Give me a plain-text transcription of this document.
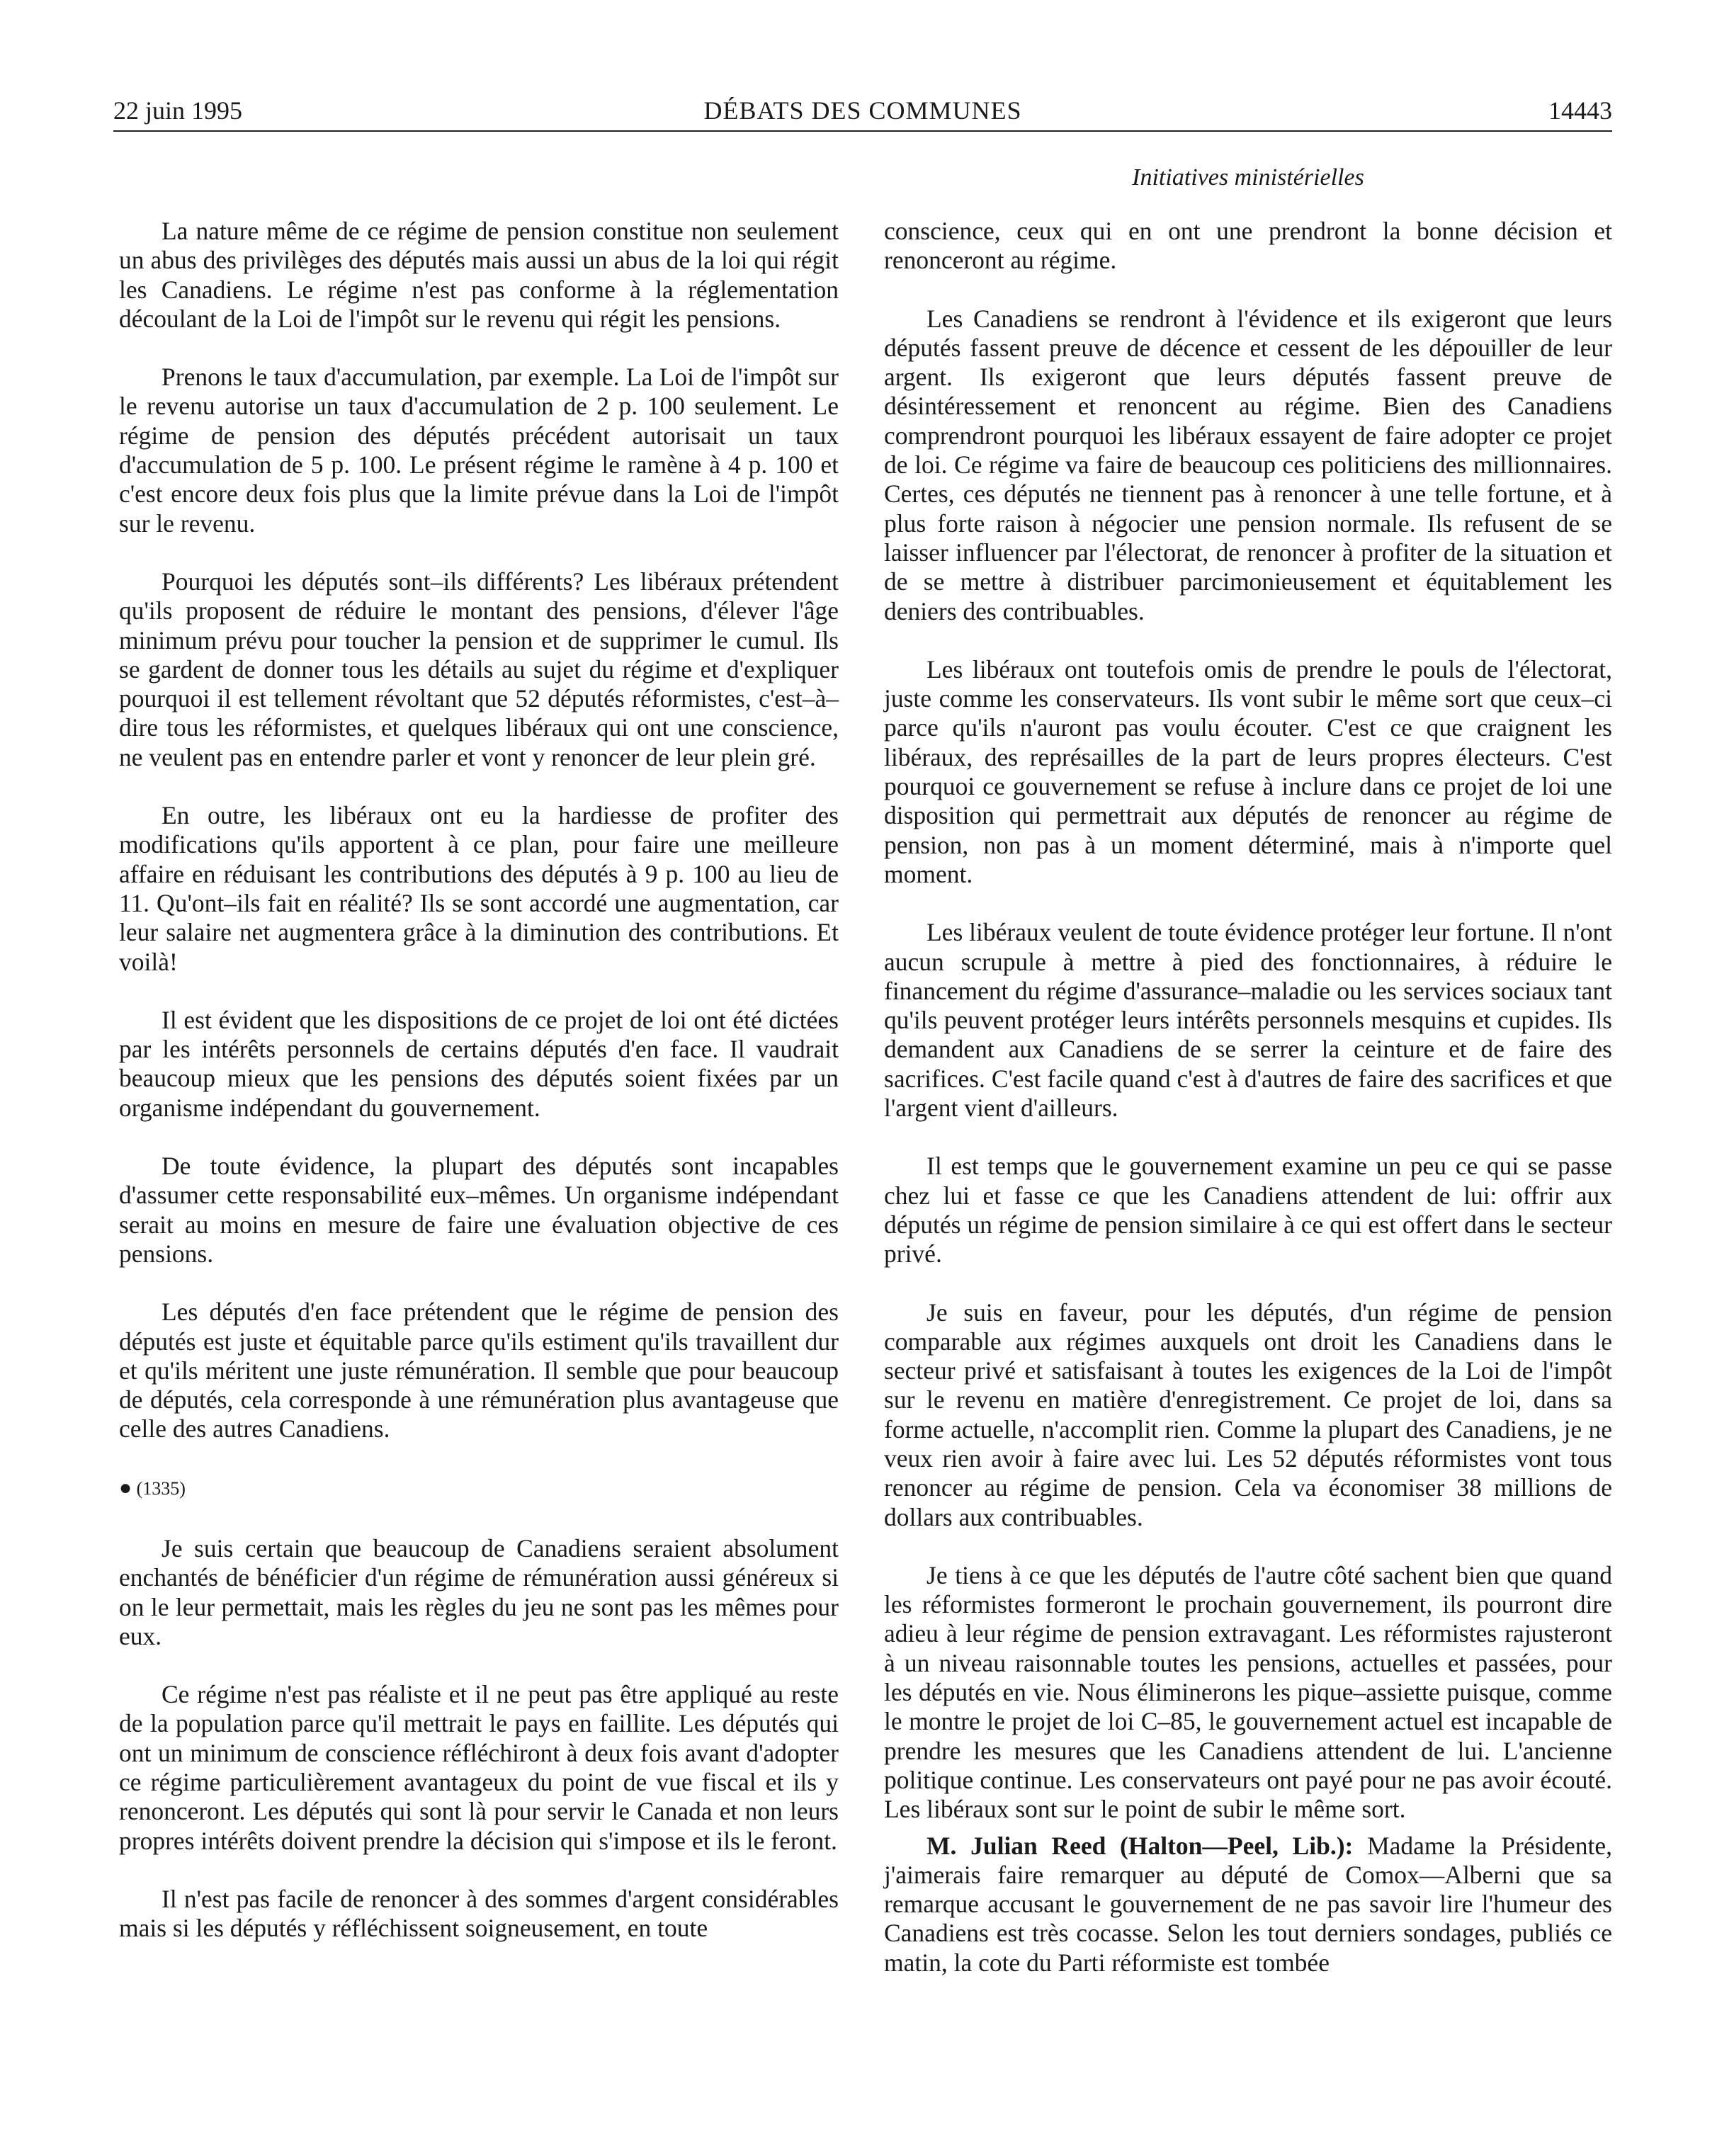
22 juin 1995	DÉBATS DES COMMUNES	14443
Initiatives ministérielles

La nature même de ce régime de pension constitue non seulement un abus des privilèges des députés mais aussi un abus de la loi qui régit les Canadiens. Le régime n'est pas conforme à la réglementation découlant de la Loi de l'impôt sur le revenu qui régit les pensions.

Prenons le taux d'accumulation, par exemple. La Loi de l'impôt sur le revenu autorise un taux d'accumulation de 2 p. 100 seulement. Le régime de pension des députés précédent autorisait un taux d'accumulation de 5 p. 100. Le présent régime le ramène à 4 p. 100 et c'est encore deux fois plus que la limite prévue dans la Loi de l'impôt sur le revenu.

Pourquoi les députés sont–ils différents? Les libéraux prétendent qu'ils proposent de réduire le montant des pensions, d'élever l'âge minimum prévu pour toucher la pension et de supprimer le cumul. Ils se gardent de donner tous les détails au sujet du régime et d'expliquer pourquoi il est tellement révoltant que 52 députés réformistes, c'est–à–dire tous les réformistes, et quelques libéraux qui ont une conscience, ne veulent pas en entendre parler et vont y renoncer de leur plein gré.

En outre, les libéraux ont eu la hardiesse de profiter des modifications qu'ils apportent à ce plan, pour faire une meilleure affaire en réduisant les contributions des députés à 9 p. 100 au lieu de 11. Qu'ont–ils fait en réalité? Ils se sont accordé une augmentation, car leur salaire net augmentera grâce à la diminution des contributions. Et voilà!

Il est évident que les dispositions de ce projet de loi ont été dictées par les intérêts personnels de certains députés d'en face. Il vaudrait beaucoup mieux que les pensions des députés soient fixées par un organisme indépendant du gouvernement.

De toute évidence, la plupart des députés sont incapables d'assumer cette responsabilité eux–mêmes. Un organisme indépendant serait au moins en mesure de faire une évaluation objective de ces pensions.

Les députés d'en face prétendent que le régime de pension des députés est juste et équitable parce qu'ils estiment qu'ils travaillent dur et qu'ils méritent une juste rémunération. Il semble que pour beaucoup de députés, cela corresponde à une rémunération plus avantageuse que celle des autres Canadiens.

● (1335)

Je suis certain que beaucoup de Canadiens seraient absolument enchantés de bénéficier d'un régime de rémunération aussi généreux si on le leur permettait, mais les règles du jeu ne sont pas les mêmes pour eux.

Ce régime n'est pas réaliste et il ne peut pas être appliqué au reste de la population parce qu'il mettrait le pays en faillite. Les députés qui ont un minimum de conscience réfléchiront à deux fois avant d'adopter ce régime particulièrement avantageux du point de vue fiscal et ils y renonceront. Les députés qui sont là pour servir le Canada et non leurs propres intérêts doivent prendre la décision qui s'impose et ils le feront.

Il n'est pas facile de renoncer à des sommes d'argent considérables mais si les députés y réfléchissent soigneusement, en toute

conscience, ceux qui en ont une prendront la bonne décision et renonceront au régime.

Les Canadiens se rendront à l'évidence et ils exigeront que leurs députés fassent preuve de décence et cessent de les dépouiller de leur argent. Ils exigeront que leurs députés fassent preuve de désintéressement et renoncent au régime. Bien des Canadiens comprendront pourquoi les libéraux essayent de faire adopter ce projet de loi. Ce régime va faire de beaucoup ces politiciens des millionnaires. Certes, ces députés ne tiennent pas à renoncer à une telle fortune, et à plus forte raison à négocier une pension normale. Ils refusent de se laisser influencer par l'électorat, de renoncer à profiter de la situation et de se mettre à distribuer parcimonieusement et équitablement les deniers des contribuables.

Les libéraux ont toutefois omis de prendre le pouls de l'électorat, juste comme les conservateurs. Ils vont subir le même sort que ceux–ci parce qu'ils n'auront pas voulu écouter. C'est ce que craignent les libéraux, des représailles de la part de leurs propres électeurs. C'est pourquoi ce gouvernement se refuse à inclure dans ce projet de loi une disposition qui permettrait aux députés de renoncer au régime de pension, non pas à un moment déterminé, mais à n'importe quel moment.

Les libéraux veulent de toute évidence protéger leur fortune. Il n'ont aucun scrupule à mettre à pied des fonctionnaires, à réduire le financement du régime d'assurance–maladie ou les services sociaux tant qu'ils peuvent protéger leurs intérêts personnels mesquins et cupides. Ils demandent aux Canadiens de se serrer la ceinture et de faire des sacrifices. C'est facile quand c'est à d'autres de faire des sacrifices et que l'argent vient d'ailleurs.

Il est temps que le gouvernement examine un peu ce qui se passe chez lui et fasse ce que les Canadiens attendent de lui: offrir aux députés un régime de pension similaire à ce qui est offert dans le secteur privé.

Je suis en faveur, pour les députés, d'un régime de pension comparable aux régimes auxquels ont droit les Canadiens dans le secteur privé et satisfaisant à toutes les exigences de la Loi de l'impôt sur le revenu en matière d'enregistrement. Ce projet de loi, dans sa forme actuelle, n'accomplit rien. Comme la plupart des Canadiens, je ne veux rien avoir à faire avec lui. Les 52 députés réformistes vont tous renoncer au régime de pension. Cela va économiser 38 millions de dollars aux contribuables.

Je tiens à ce que les députés de l'autre côté sachent bien que quand les réformistes formeront le prochain gouvernement, ils pourront dire adieu à leur régime de pension extravagant. Les réformistes rajusteront à un niveau raisonnable toutes les pensions, actuelles et passées, pour les députés en vie. Nous éliminerons les pique–assiette puisque, comme le montre le projet de loi C–85, le gouvernement actuel est incapable de prendre les mesures que les Canadiens attendent de lui. L'ancienne politique continue. Les conservateurs ont payé pour ne pas avoir écouté. Les libéraux sont sur le point de subir le même sort.

M. Julian Reed (Halton—Peel, Lib.): Madame la Présidente, j'aimerais faire remarquer au député de Comox—Alberni que sa remarque accusant le gouvernement de ne pas savoir lire l'humeur des Canadiens est très cocasse. Selon les tout derniers sondages, publiés ce matin, la cote du Parti réformiste est tombée
